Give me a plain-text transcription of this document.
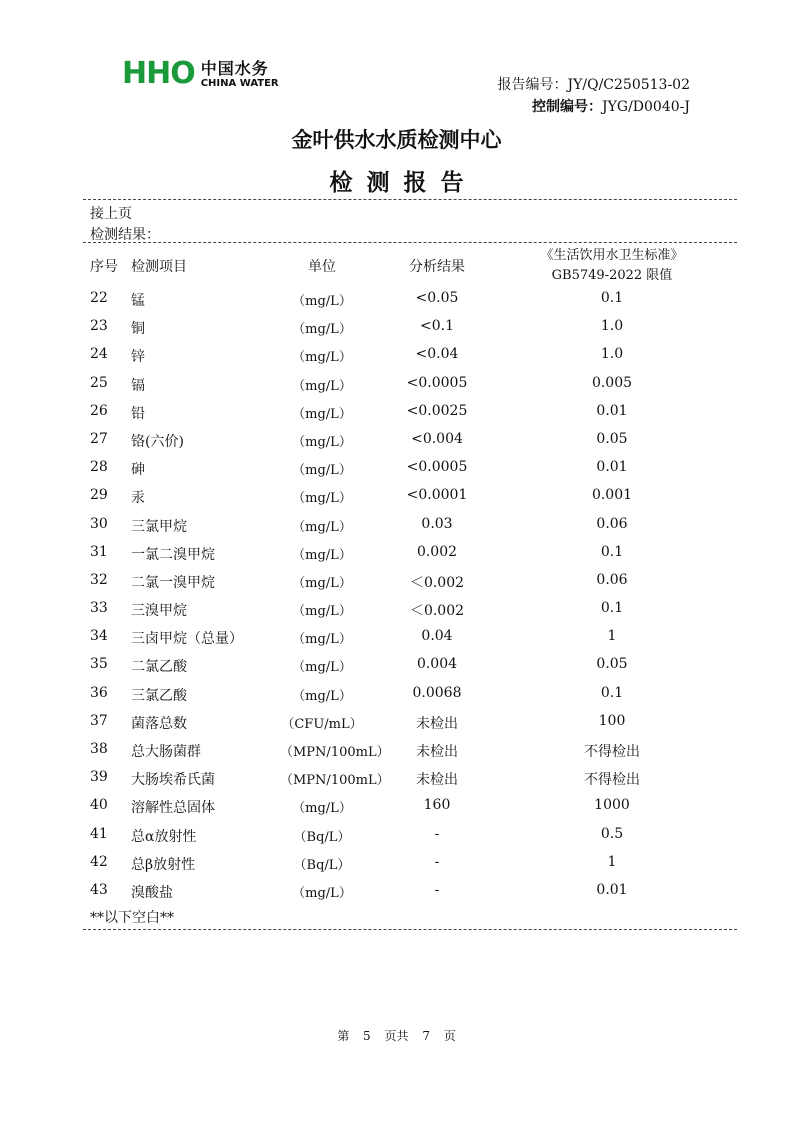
HHO 中国水务
CHINA WATER	报告编号：JY/Q/C250513-02
控制编号：JYG/D0040-J
金叶供水水质检测中心
检测报告
接上页
检测结果：
序号 检测项目	单位	分析结果
《生活饮用水卫生标准》
GB5749-2022 限值
22 锰	（mg/L）	<0.05	0.1
23 铜	（mg/L）	<0.1	1.0
24 锌	（mg/L）	<0.04	1.0
25 镉	（mg/L）	<0.0005	0.005
26 铅	（mg/L）	<0.0025	0.01
27 铬(六价)	（mg/L）	<0.004	0.05
28 砷	（mg/L）	<0.0005	0.01
29 汞	（mg/L）	<0.0001	0.001
30 三氯甲烷	（mg/L）	0.03	0.06
31 一氯二溴甲烷	（mg/L）	0.002	0.1
32 二氯一溴甲烷	（mg/L）	＜0.002	0.06
33 三溴甲烷	（mg/L）	＜0.002	0.1
34 三卤甲烷（总量）	（mg/L）	0.04	1
35 二氯乙酸	（mg/L）	0.004	0.05
36 三氯乙酸	（mg/L）	0.0068	0.1
37 菌落总数	（CFU/mL）	未检出	100
38 总大肠菌群	（MPN/100mL）	未检出	不得检出
39 大肠埃希氏菌	（MPN/100mL）	未检出	不得检出
40 溶解性总固体	（mg/L）	160	1000
41 总α放射性	（Bq/L）	-	0.5
42 总β放射性	（Bq/L）	-	1
43 溴酸盐	（mg/L）	-	0.01
**以下空白**
第 5 页共 7 页
